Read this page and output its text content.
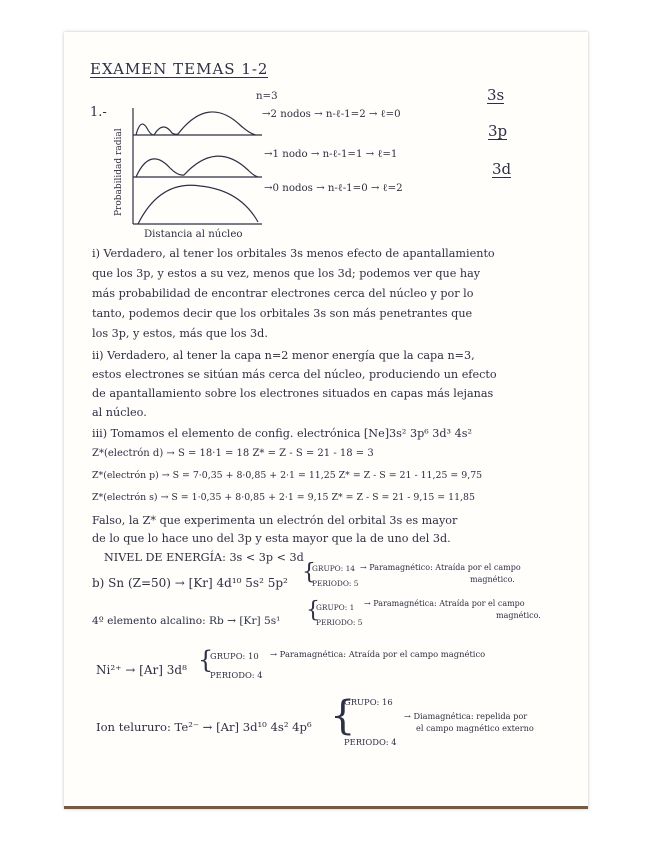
EXAMEN TEMAS 1-2
1.-
n=3
Probabilidad radial
Distancia al núcleo
→2 nodos → n-ℓ-1=2 → ℓ=0
3s
→1 nodo → n-ℓ-1=1 → ℓ=1
3p
→0 nodos → n-ℓ-1=0 → ℓ=2
3d
i) Verdadero, al tener los orbitales 3s menos efecto de apantallamiento
que los 3p, y estos a su vez, menos que los 3d; podemos ver que hay
más probabilidad de encontrar electrones cerca del núcleo y por lo
tanto, podemos decir que los orbitales 3s son más penetrantes que
los 3p, y estos, más que los 3d.
ii) Verdadero, al tener la capa n=2 menor energía que la capa n=3,
estos electrones se sitúan más cerca del núcleo, produciendo un efecto
de apantallamiento sobre los electrones situados en capas más lejanas
al núcleo.
iii) Tomamos el elemento de config. electrónica [Ne]3s² 3p⁶ 3d³ 4s²
Z*(electrón d) → S = 18·1 = 18 Z* = Z - S = 21 - 18 = 3
Z*(electrón p) → S = 7·0,35 + 8·0,85 + 2·1 = 11,25 Z* = Z - S = 21 - 11,25 = 9,75
Z*(electrón s) → S = 1·0,35 + 8·0,85 + 2·1 = 9,15 Z* = Z - S = 21 - 9,15 = 11,85
Falso, la Z* que experimenta un electrón del orbital 3s es mayor
de lo que lo hace uno del 3p y esta mayor que la de uno del 3d.
NIVEL DE ENERGÍA: 3s < 3p < 3d
b) Sn (Z=50) → [Kr] 4d¹⁰ 5s² 5p² {
GRUPO: 14
PERIODO: 5
→ Paramagnético: Atraída por el campo
magnético.
4º elemento alcalino: Rb → [Kr] 5s¹ {
GRUPO: 1
PERIODO: 5
→ Paramagnética: Atraída por el campo
magnético.
Ni²⁺ → [Ar] 3d⁸ {
GRUPO: 10
PERIODO: 4
→ Paramagnética: Atraída por el campo magnético
Ion telururo: Te²⁻ → [Ar] 3d¹⁰ 4s² 4p⁶ {
GRUPO: 16
PERIODO: 4
→ Diamagnética: repelida por
el campo magnético externo
